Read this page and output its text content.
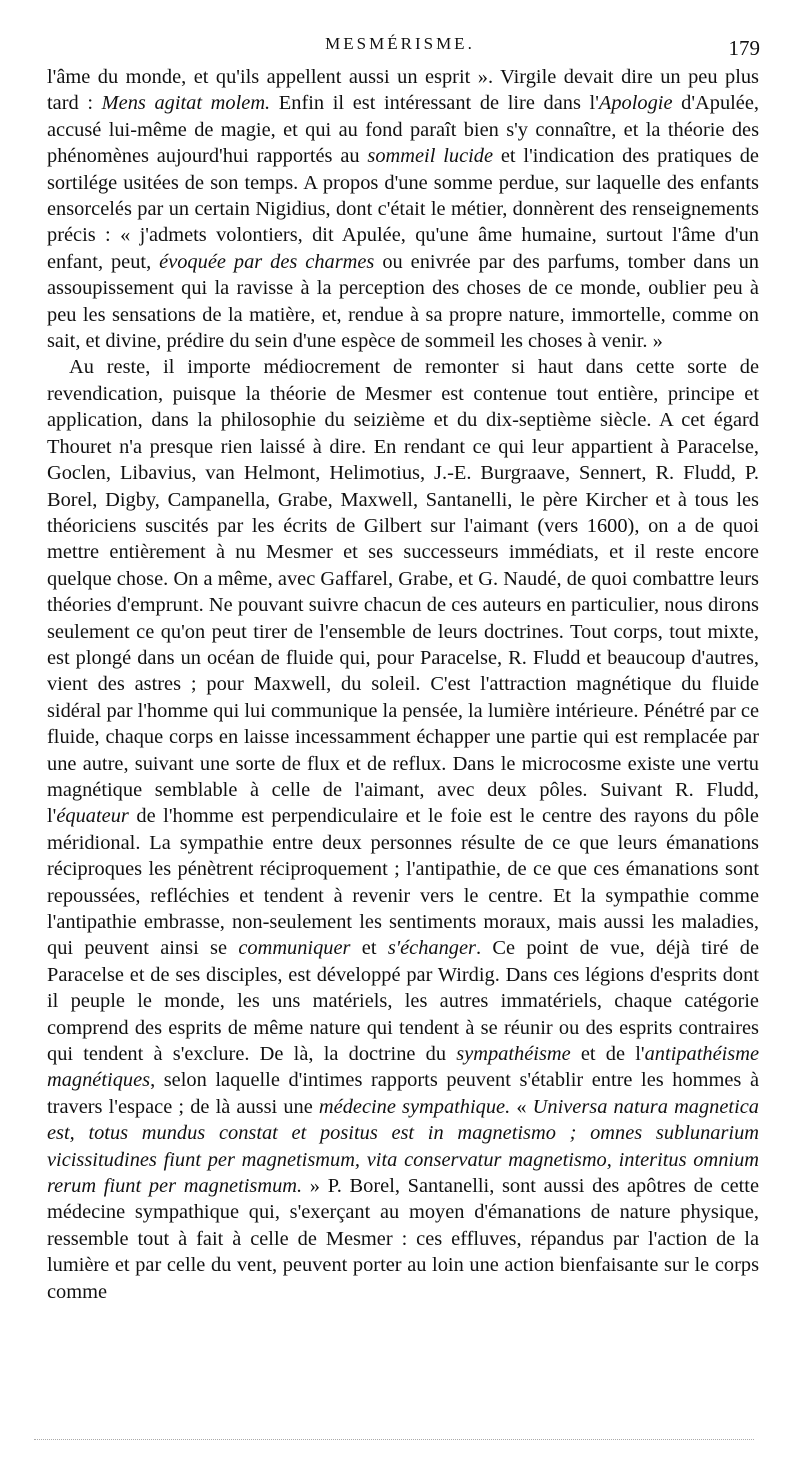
MESMÉRISME.	179

l'âme du monde, et qu'ils appellent aussi un esprit ». Virgile devait dire un peu plus tard : Mens agitat molem. Enfin il est intéressant de lire dans l'Apologie d'Apulée, accusé lui-même de magie, et qui au fond paraît bien s'y connaître, et la théorie des phénomènes aujourd'hui rapportés au sommeil lucide et l'indication des pratiques de sortilége usitées de son temps. A propos d'une somme perdue, sur laquelle des enfants ensorcelés par un certain Nigidius, dont c'était le métier, donnèrent des renseignements précis : « j'admets volontiers, dit Apulée, qu'une âme humaine, surtout l'âme d'un enfant, peut, évoquée par des charmes ou enivrée par des parfums, tomber dans un assoupissement qui la ravisse à la perception des choses de ce monde, oublier peu à peu les sensations de la matière, et, rendue à sa propre nature, immortelle, comme on sait, et divine, prédire du sein d'une espèce de sommeil les choses à venir. »

Au reste, il importe médiocrement de remonter si haut dans cette sorte de revendication, puisque la théorie de Mesmer est contenue tout entière, principe et application, dans la philosophie du seizième et du dix-septième siècle. A cet égard Thouret n'a presque rien laissé à dire. En rendant ce qui leur appartient à Paracelse, Goclen, Libavius, van Helmont, Helimotius, J.-E. Burgraave, Sennert, R. Fludd, P. Borel, Digby, Campanella, Grabe, Maxwell, Santanelli, le père Kircher et à tous les théoriciens suscités par les écrits de Gilbert sur l'aimant (vers 1600), on a de quoi mettre entièrement à nu Mesmer et ses successeurs immédiats, et il reste encore quelque chose. On a même, avec Gaffarel, Grabe, et G. Naudé, de quoi combattre leurs théories d'emprunt. Ne pouvant suivre chacun de ces auteurs en particulier, nous dirons seulement ce qu'on peut tirer de l'ensemble de leurs doctrines. Tout corps, tout mixte, est plongé dans un océan de fluide qui, pour Paracelse, R. Fludd et beaucoup d'autres, vient des astres ; pour Maxwell, du soleil. C'est l'attraction magnétique du fluide sidéral par l'homme qui lui communique la pensée, la lumière intérieure. Pénétré par ce fluide, chaque corps en laisse incessamment échapper une partie qui est remplacée par une autre, suivant une sorte de flux et de reflux. Dans le microcosme existe une vertu magnétique semblable à celle de l'aimant, avec deux pôles. Suivant R. Fludd, l'équateur de l'homme est perpendiculaire et le foie est le centre des rayons du pôle méridional. La sympathie entre deux personnes résulte de ce que leurs émanations réciproques les pénètrent réciproquement ; l'antipathie, de ce que ces émanations sont repoussées, refléchies et tendent à revenir vers le centre. Et la sympathie comme l'antipathie embrasse, non-seulement les sentiments moraux, mais aussi les maladies, qui peuvent ainsi se communiquer et s'échanger. Ce point de vue, déjà tiré de Paracelse et de ses disciples, est développé par Wirdig. Dans ces légions d'esprits dont il peuple le monde, les uns matériels, les autres immatériels, chaque catégorie comprend des esprits de même nature qui tendent à se réunir ou des esprits contraires qui tendent à s'exclure. De là, la doctrine du sympathéisme et de l'antipathéisme magnétiques, selon laquelle d'intimes rapports peuvent s'établir entre les hommes à travers l'espace ; de là aussi une médecine sympathique. « Universa natura magnetica est, totus mundus constat et positus est in magnetismo ; omnes sublunarium vicissitudines fiunt per magnetismum, vita conservatur magnetismo, interitus omnium rerum fiunt per magnetismum. » P. Borel, Santanelli, sont aussi des apôtres de cette médecine sympathique qui, s'exerçant au moyen d'émanations de nature physique, ressemble tout à fait à celle de Mesmer : ces effluves, répandus par l'action de la lumière et par celle du vent, peuvent porter au loin une action bienfaisante sur le corps comme
